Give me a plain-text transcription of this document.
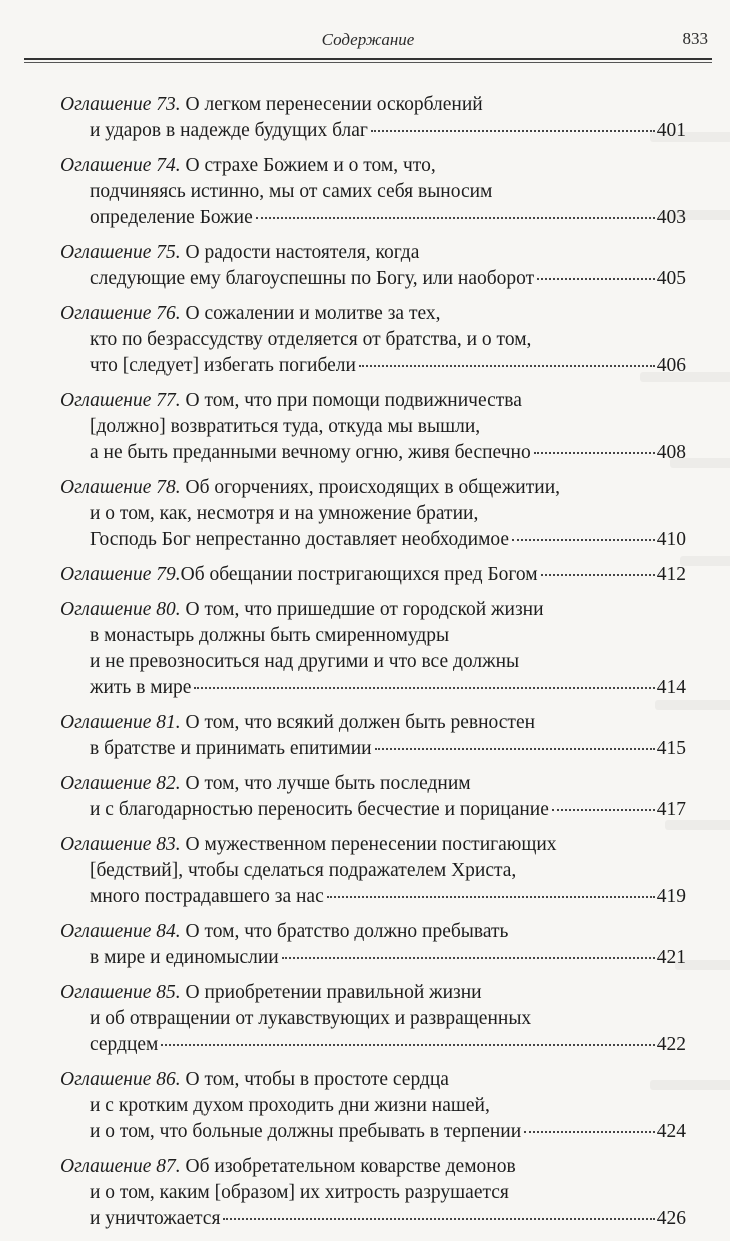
Содержание	833
Оглашение 73. О легком перенесении оскорблений
и ударов в надежде будущих благ	401
Оглашение 74. О страхе Божием и о том, что,
подчиняясь истинно, мы от самих себя выносим
определение Божие	403
Оглашение 75. О радости настоятеля, когда
следующие ему благоуспешны по Богу, или наоборот	405
Оглашение 76. О сожалении и молитве за тех,
кто по безрассудству отделяется от братства, и о том,
что [следует] избегать погибели	406
Оглашение 77. О том, что при помощи подвижничества
[должно] возвратиться туда, откуда мы вышли,
а не быть преданными вечному огню, живя беспечно	408
Оглашение 78. Об огорчениях, происходящих в общежитии,
и о том, как, несмотря и на умножение братии,
Господь Бог непрестанно доставляет необходимое	410
Оглашение 79. Об обещании постригающихся пред Богом	412
Оглашение 80. О том, что пришедшие от городской жизни
в монастырь должны быть смиренномудры
и не превозноситься над другими и что все должны
жить в мире	414
Оглашение 81. О том, что всякий должен быть ревностен
в братстве и принимать епитимии	415
Оглашение 82. О том, что лучше быть последним
и с благодарностью переносить бесчестие и порицание	417
Оглашение 83. О мужественном перенесении постигающих
[бедствий], чтобы сделаться подражателем Христа,
много пострадавшего за нас	419
Оглашение 84. О том, что братство должно пребывать
в мире и единомыслии	421
Оглашение 85. О приобретении правильной жизни
и об отвращении от лукавствующих и развращенных
сердцем	422
Оглашение 86. О том, чтобы в простоте сердца
и с кротким духом проходить дни жизни нашей,
и о том, что больные должны пребывать в терпении	424
Оглашение 87. Об изобретательном коварстве демонов
и о том, каким [образом] их хитрость разрушается
и уничтожается	426
